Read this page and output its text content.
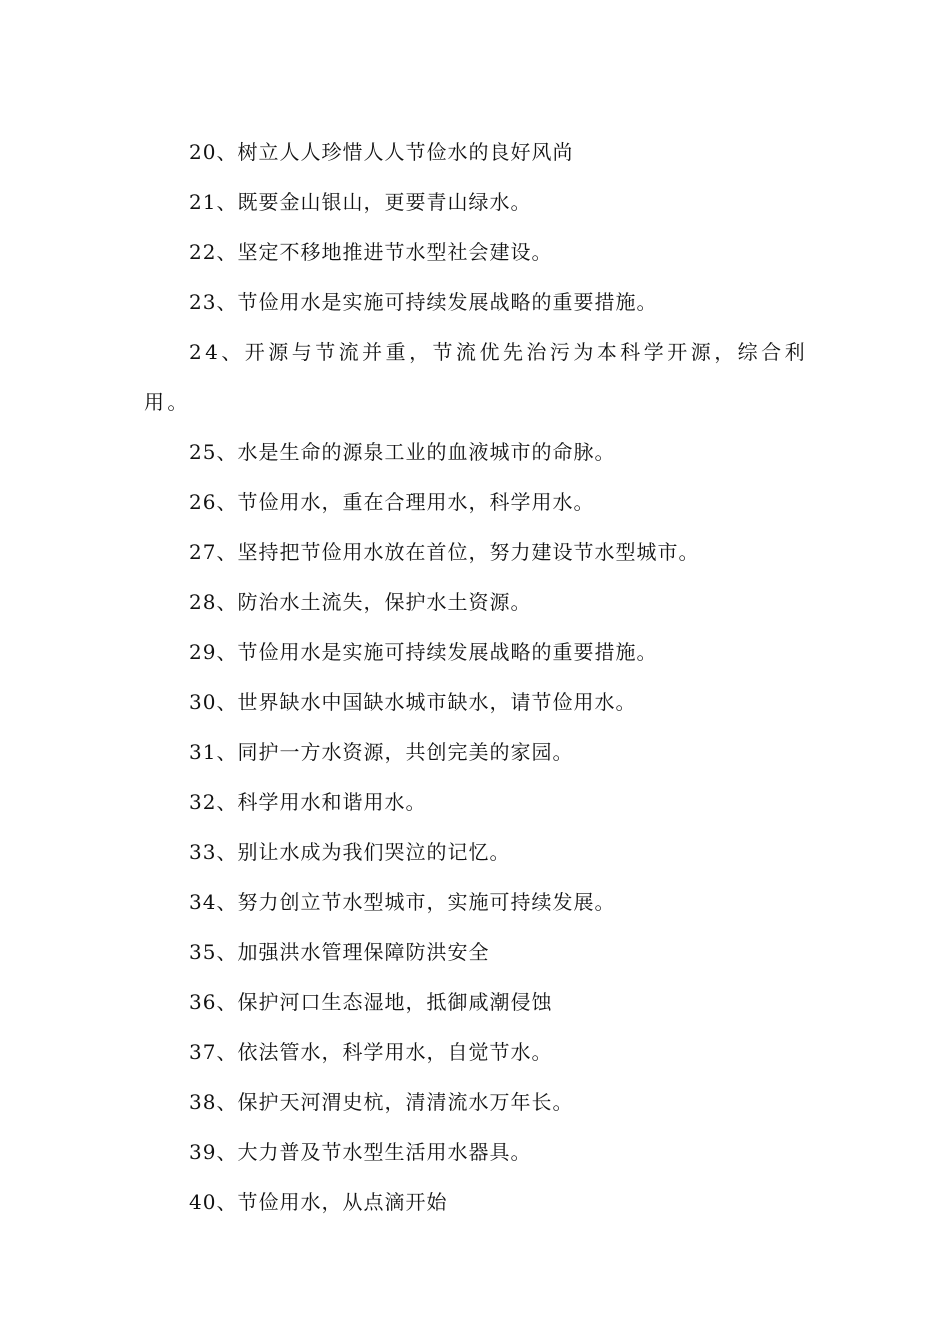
20、树立人人珍惜人人节俭水的良好风尚
21、既要金山银山，更要青山绿水。
22、坚定不移地推进节水型社会建设。
23、节俭用水是实施可持续发展战略的重要措施。
24、开源与节流并重，节流优先治污为本科学开源，综合利用。
25、水是生命的源泉工业的血液城市的命脉。
26、节俭用水，重在合理用水，科学用水。
27、坚持把节俭用水放在首位，努力建设节水型城市。
28、防治水土流失，保护水土资源。
29、节俭用水是实施可持续发展战略的重要措施。
30、世界缺水中国缺水城市缺水，请节俭用水。
31、同护一方水资源，共创完美的家园。
32、科学用水和谐用水。
33、别让水成为我们哭泣的记忆。
34、努力创立节水型城市，实施可持续发展。
35、加强洪水管理保障防洪安全
36、保护河口生态湿地，抵御咸潮侵蚀
37、依法管水，科学用水，自觉节水。
38、保护天河渭史杭，清清流水万年长。
39、大力普及节水型生活用水器具。
40、节俭用水，从点滴开始
